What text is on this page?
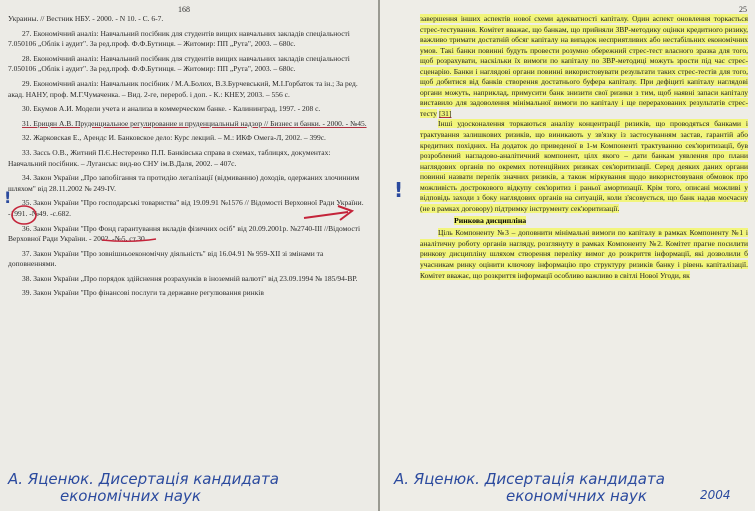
168
Украины. // Вестник НБУ. - 2000. - N 10. - С. 6-7.
27. Економічний аналіз: Навчальний посібник для студентів вищих навчальних закладів спеціальності 7.050106 „Облік і аудит". За ред.проф. Ф.Ф.Бутинця. – Житомир: ПП „Рута", 2003. – 680с.
28. Економічний аналіз: Навчальний посібник для студентів вищих навчальних закладів спеціальності 7.050106 „Облік і аудит". За ред.проф. Ф.Ф.Бутинця. – Житомир: ПП „Рута", 2003. – 680с.
29. Економічний аналіз: Навчальник посібник / М.А.Болюх, В.З.Бурчевський, М.І.Горбаток та ін.; За ред. акад. НАНУ, проф. М.Г.Чумаченка. – Вид. 2-ге, перероб. і доп. - К.: КНЕУ, 2003. – 556 с.
30. Екумов А.И. Модели учета и анализа в коммерческом банке. - Калининград, 1997. - 208 с.
31. Ерицян А.В. Пруденциальное регулирование и пруденциальный надзор // Бизнес и банки. - 2000. - №45.
32. Жарковская Е., Арендс И. Банковское дело: Курс лекций. – М.: ИКФ Омега-Л, 2002. – 399с.
33. Зассь О.В., Житний П.Є.Нестеренко П.П. Банківська справа в схемах, таблицях, документах: Навчальний посібник. – Луганськ: вид-во СНУ ім.В.Даля, 2002. – 407с.
34. Закон України „Про запобігання та протидію легалізації (відмиванню) доходів, одержаних злочинним шляхом" від 28.11.2002 № 249-IV.
35. Закон України "Про господарські товариства" від 19.09.91 №1576 // Відомості Верховної Ради України. -1991. -№49. -с.682.
36. Закон України "Про Фонд гарантування вкладів фізичних осіб" від 20.09.2001р. №2740-ІІІ //Відомості Верховної Ради України. - 2002. -№5, ст.30.
37. Закон України "Про зовнішньоекономічну діяльність" від 16.04.91 № 959-XII зі змінами та доповненнями.
38. Закон України „Про порядок здійснення розрахунків в іноземній валюті" від 23.09.1994 № 185/94-ВР.
39. Закон України "Про фінансові послуги та державне регулювання ринків
!
А. Яценюк. Дисертація кандидата
економічних наук
25
завершення інших аспектів нової схеми адекватності капіталу. Один аспект оновлення торкається стрес-тестування. Комітет вважає, що банкам, що прийняли ЗВР-методику оцінки кредитного ризику, важливо тримати достатній обсяг капіталу на випадок несприятливих або нестабільних економічних умов. Такі банки повинні будуть провести розумно обережний стрес-тест власного зразка для того, щоб розрахувати, наскільки їх вимоги по капіталу по ЗВР-методиці можуть зрости під час стрес-сценарію. Банки і наглядові органи повинні використовувати результати таких стрес-тестів для того, щоб добитися від банків створення достатнього буфера капіталу. При дефіциті капіталу наглядові органи можуть, наприклад, примусити банк знизити свої ризики з тим, щоб наявні запаси капіталу виставило для задоволення мінімальної вимоги по капіталу і ще перерахованих результатів стрес-тесту [31]
Інші удосконалення торкаються аналізу концентрації ризиків, що проводяться банками і трактування залишкових ризиків, що виникають у зв'язку із застосуванням застав, гарантій або кредитних похідних. На додаток до приведеної в 1-м Компоненті трактуванню сек'юритизації, був розроблений нагладово-аналітичний компонент, цілх якого – дати банкам уявлення про плани наглядових органів по окремих потенційних ризиках сек'юритизації. Серед деяких даних органи повинні назвати перелік значних ризиків, а також міркування щодо використовуваня обмовок про можливість дострокового відкупу сек'юритиз і раньої амортизації. Крім того, описані можливі у відповідь заходи з боку наглядових органів на ситуацій, коли з'ясовується, що банк надав моєчасну (не в рамках договору) підтримку інструменту сек'юритизації.
Ринкова дисципліна
Ціль Компоненту №3 – доповнити мінімальні вимоги по капіталу в рамках Компоненту №1 і аналітичну роботу органів нагляду, розглянуту в рамках Компоненту №2. Комітет прагне посилити ринкову дисципліну шляхом створення переліку вимог до розкриття інформації, які дозволили б учасникам ринку оцінити ключову інформацію про структуру ризиків банку і рівень капіталізації. Комітет вважає, що розкриття інформації особливо важливо в світлі Нової Угоди, як
!
А. Яценюк. Дисертація кандидата
2004
економічних наук
